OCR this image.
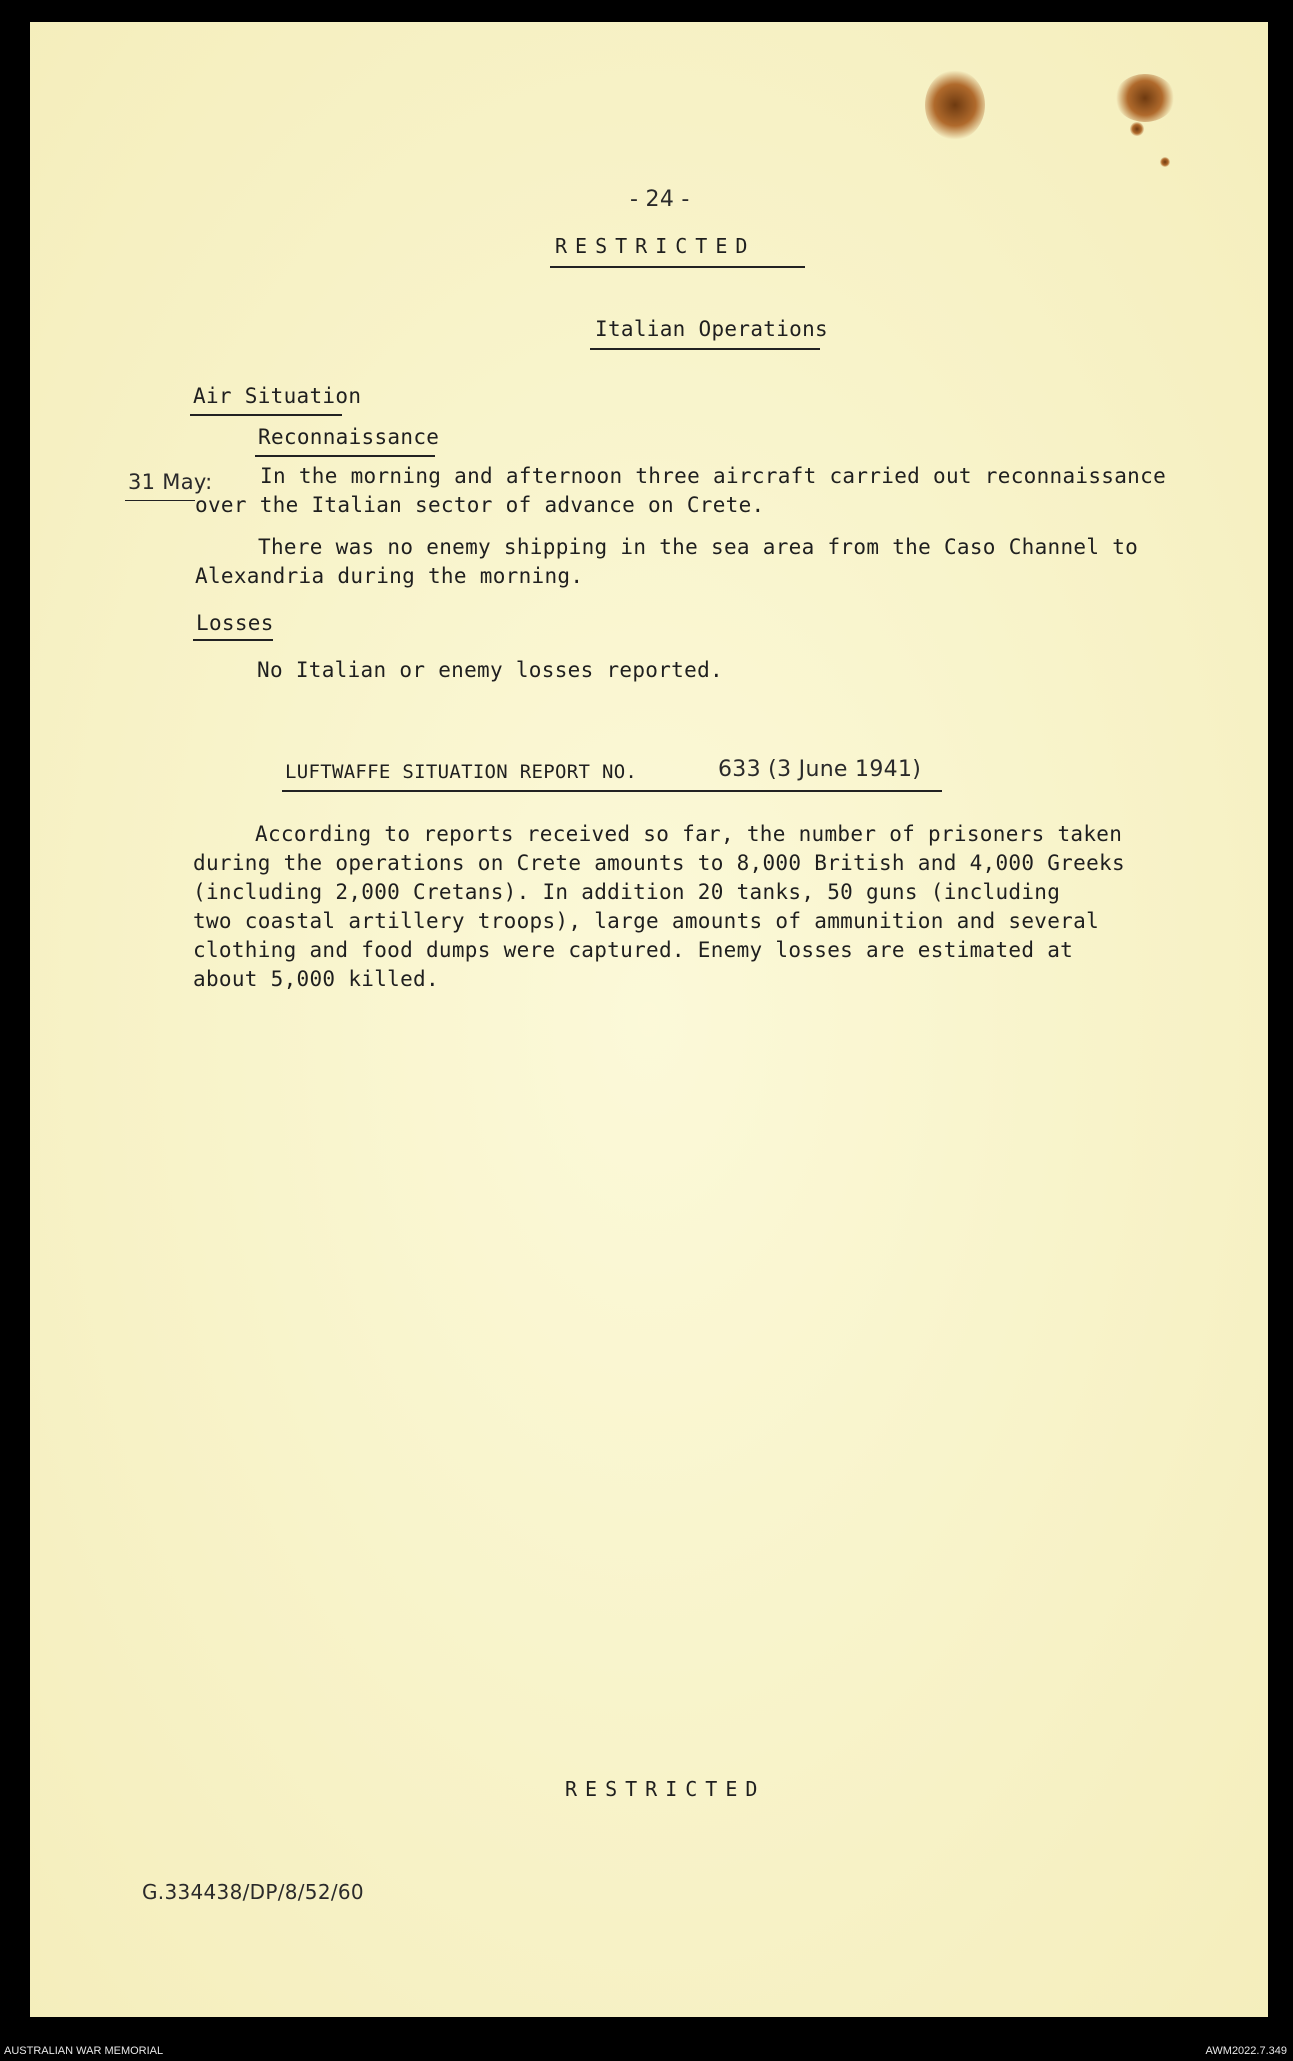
- 24 -
RESTRICTED
Italian Operations
Air Situation
Reconnaissance
31 May: In the morning and afternoon three aircraft carried out reconnaissance
over the Italian sector of advance on Crete.
There was no enemy shipping in the sea area from the Caso Channel to
Alexandria during the morning.
Losses
No Italian or enemy losses reported.
LUFTWAFFE SITUATION REPORT NO.	633 (3 June 1941)
According to reports received so far, the number of prisoners taken
during the operations on Crete amounts to 8,000 British and 4,000 Greeks
(including 2,000 Cretans). In addition 20 tanks, 50 guns (including
two coastal artillery troops), large amounts of ammunition and several
clothing and food dumps were captured. Enemy losses are estimated at
about 5,000 killed.
RESTRICTED
G.334438/DP/8/52/60
AUSTRALIAN WAR MEMORIAL	AWM2022.7.349
